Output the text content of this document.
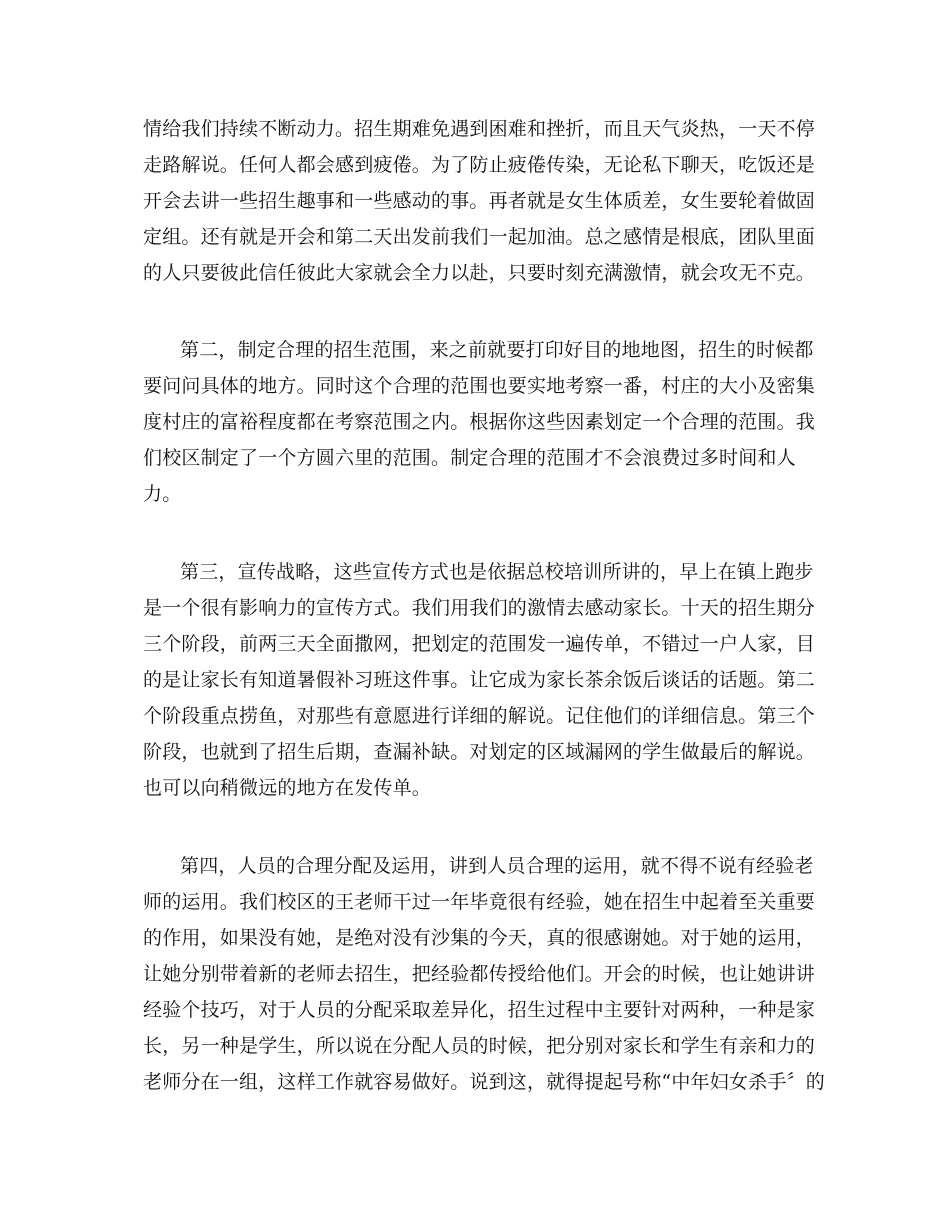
情给我们持续不断动力。招生期难免遇到困难和挫折，而且天气炎热，一天不停
走路解说。任何人都会感到疲倦。为了防止疲倦传染，无论私下聊天，吃饭还是
开会去讲一些招生趣事和一些感动的事。再者就是女生体质差，女生要轮着做固
定组。还有就是开会和第二天出发前我们一起加油。总之感情是根底，团队里面
的人只要彼此信任彼此大家就会全力以赴，只要时刻充满激情，就会攻无不克。
第二，制定合理的招生范围，来之前就要打印好目的地地图，招生的时候都
要问问具体的地方。同时这个合理的范围也要实地考察一番，村庄的大小及密集
度村庄的富裕程度都在考察范围之内。根据你这些因素划定一个合理的范围。我
们校区制定了一个方圆六里的范围。制定合理的范围才不会浪费过多时间和人
力。
第三，宣传战略，这些宣传方式也是依据总校培训所讲的，早上在镇上跑步
是一个很有影响力的宣传方式。我们用我们的激情去感动家长。十天的招生期分
三个阶段，前两三天全面撒网，把划定的范围发一遍传单，不错过一户人家，目
的是让家长有知道暑假补习班这件事。让它成为家长茶余饭后谈话的话题。第二
个阶段重点捞鱼，对那些有意愿进行详细的解说。记住他们的详细信息。第三个
阶段，也就到了招生后期，查漏补缺。对划定的区域漏网的学生做最后的解说。
也可以向稍微远的地方在发传单。
第四，人员的合理分配及运用，讲到人员合理的运用，就不得不说有经验老
师的运用。我们校区的王老师干过一年毕竟很有经验，她在招生中起着至关重要
的作用，如果没有她，是绝对没有沙集的今天，真的很感谢她。对于她的运用，
让她分别带着新的老师去招生，把经验都传授给他们。开会的时候，也让她讲讲
经验个技巧，对于人员的分配采取差异化，招生过程中主要针对两种，一种是家
长，另一种是学生，所以说在分配人员的时候，把分别对家长和学生有亲和力的
老师分在一组，这样工作就容易做好。说到这，就得提起号称“中年妇女杀手〞的
